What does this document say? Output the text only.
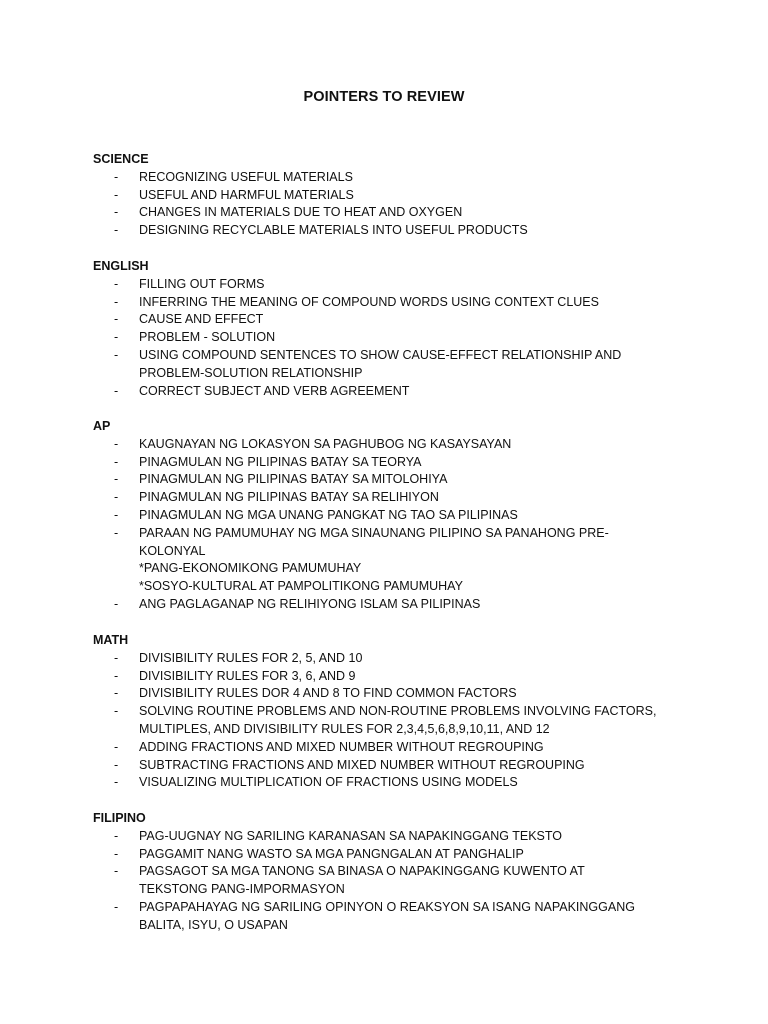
POINTERS TO REVIEW

SCIENCE

- RECOGNIZING USEFUL MATERIALS
- USEFUL AND HARMFUL MATERIALS
- CHANGES IN MATERIALS DUE TO HEAT AND OXYGEN
- DESIGNING RECYCLABLE MATERIALS INTO USEFUL PRODUCTS

ENGLISH

- FILLING OUT FORMS
- INFERRING THE MEANING OF COMPOUND WORDS USING CONTEXT CLUES
- CAUSE AND EFFECT
- PROBLEM - SOLUTION
- USING COMPOUND SENTENCES TO SHOW CAUSE-EFFECT RELATIONSHIP AND
PROBLEM-SOLUTION RELATIONSHIP
- CORRECT SUBJECT AND VERB AGREEMENT

AP

- KAUGNAYAN NG LOKASYON SA PAGHUBOG NG KASAYSAYAN
- PINAGMULAN NG PILIPINAS BATAY SA TEORYA
- PINAGMULAN NG PILIPINAS BATAY SA MITOLOHIYA
- PINAGMULAN NG PILIPINAS BATAY SA RELIHIYON
- PINAGMULAN NG MGA UNANG PANGKAT NG TAO SA PILIPINAS
- PARAAN NG PAMUMUHAY NG MGA SINAUNANG PILIPINO SA PANAHONG PRE-
KOLONYAL
*PANG-EKONOMIKONG PAMUMUHAY
*SOSYO-KULTURAL AT PAMPOLITIKONG PAMUMUHAY
- ANG PAGLAGANAP NG RELIHIYONG ISLAM SA PILIPINAS

MATH

- DIVISIBILITY RULES FOR 2, 5, AND 10
- DIVISIBILITY RULES FOR 3, 6, AND 9
- DIVISIBILITY RULES DOR 4 AND 8 TO FIND COMMON FACTORS
- SOLVING ROUTINE PROBLEMS AND NON-ROUTINE PROBLEMS INVOLVING FACTORS,
MULTIPLES, AND DIVISIBILITY RULES FOR 2,3,4,5,6,8,9,10,11, AND 12
- ADDING FRACTIONS AND MIXED NUMBER WITHOUT REGROUPING
- SUBTRACTING FRACTIONS AND MIXED NUMBER WITHOUT REGROUPING
- VISUALIZING MULTIPLICATION OF FRACTIONS USING MODELS

FILIPINO

- PAG-UUGNAY NG SARILING KARANASAN SA NAPAKINGGANG TEKSTO
- PAGGAMIT NANG WASTO SA MGA PANGNGALAN AT PANGHALIP
- PAGSAGOT SA MGA TANONG SA BINASA O NAPAKINGGANG KUWENTO AT
TEKSTONG PANG-IMPORMASYON
- PAGPAPAHAYAG NG SARILING OPINYON O REAKSYON SA ISANG NAPAKINGGANG
BALITA, ISYU, O USAPAN
